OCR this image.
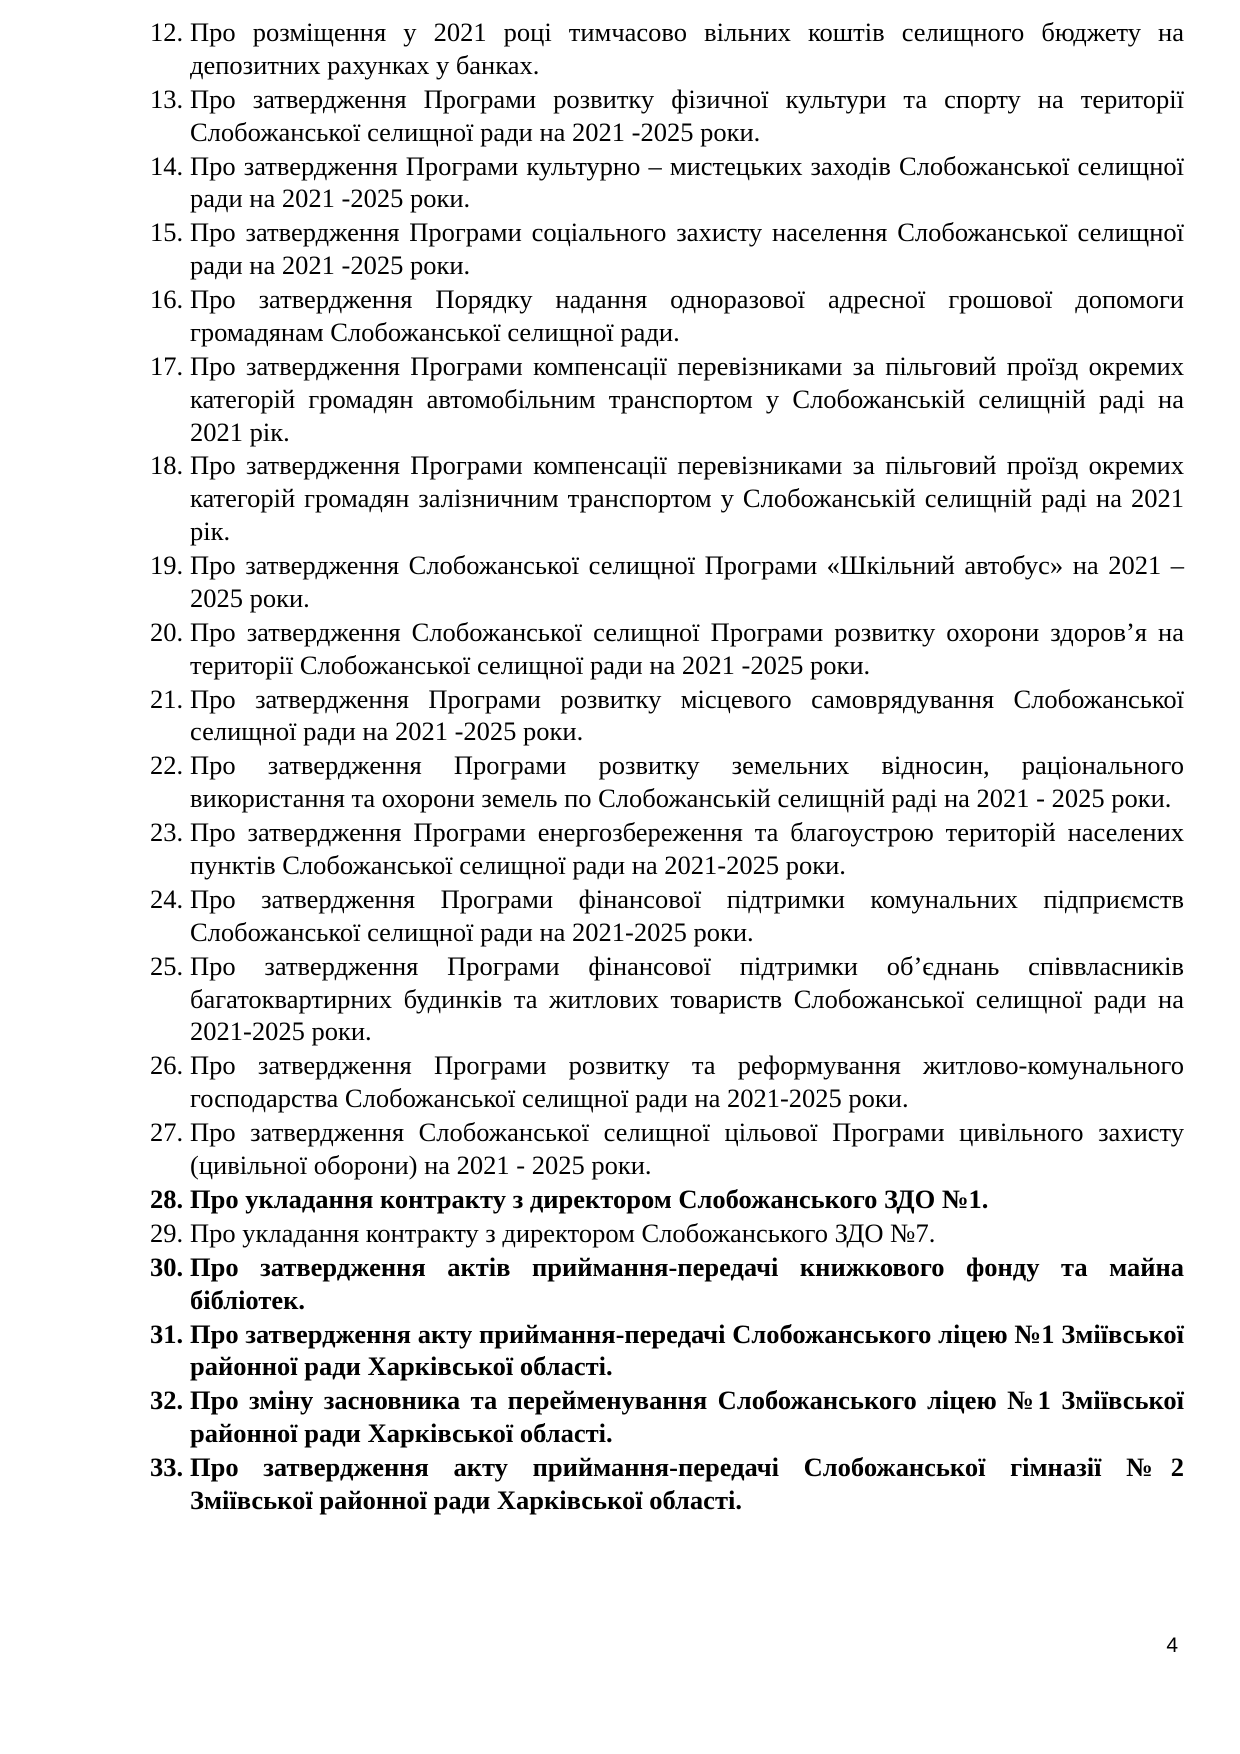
12. Про розміщення у 2021 році тимчасово вільних коштів селищного бюджету на депозитних рахунках у банках.
13. Про затвердження Програми розвитку фізичної культури та спорту на території Слобожанської селищної ради на 2021 -2025 роки.
14. Про затвердження Програми культурно – мистецьких заходів Слобожанської селищної ради на 2021 -2025 роки.
15. Про затвердження Програми соціального захисту населення Слобожанської селищної ради на 2021 -2025 роки.
16. Про затвердження Порядку надання одноразової адресної грошової допомоги громадянам Слобожанської селищної ради.
17. Про затвердження Програми компенсації перевізниками за пільговий проїзд окремих категорій громадян автомобільним транспортом у Слобожанській селищній раді на 2021 рік.
18. Про затвердження Програми компенсації перевізниками за пільговий проїзд окремих категорій громадян залізничним транспортом у Слобожанській селищній раді на 2021 рік.
19. Про затвердження Слобожанської селищної Програми «Шкільний автобус» на 2021 – 2025 роки.
20. Про затвердження Слобожанської селищної Програми розвитку охорони здоров’я на території Слобожанської селищної ради на 2021 -2025 роки.
21. Про затвердження Програми розвитку місцевого самоврядування Слобожанської селищної ради на 2021 -2025 роки.
22. Про затвердження Програми розвитку земельних відносин, раціонального використання та охорони земель по Слобожанській селищній раді на 2021 - 2025 роки.
23. Про затвердження Програми енергозбереження та благоустрою територій населених пунктів Слобожанської селищної ради на 2021-2025 роки.
24. Про затвердження Програми фінансової підтримки комунальних підприємств Слобожанської селищної ради на 2021-2025 роки.
25. Про затвердження Програми фінансової підтримки об’єднань співвласників багатоквартирних будинків та житлових товариств Слобожанської селищної ради на 2021-2025 роки.
26. Про затвердження Програми розвитку та реформування житлово-комунального господарства Слобожанської селищної ради на 2021-2025 роки.
27. Про затвердження Слобожанської селищної цільової Програми цивільного захисту (цивільної оборони) на 2021 - 2025 роки.
28. Про укладання контракту з директором Слобожанського ЗДО №1.
29. Про укладання контракту з директором Слобожанського ЗДО №7.
30. Про затвердження актів приймання-передачі книжкового фонду та майна бібліотек.
31. Про затвердження акту приймання-передачі Слобожанського ліцею №1 Зміївської районної ради Харківської області.
32. Про зміну засновника та перейменування Слобожанського ліцею №1 Зміївської районної ради Харківської області.
33. Про затвердження акту приймання-передачі Слобожанської гімназії №2 Зміївської районної ради Харківської області.
4
